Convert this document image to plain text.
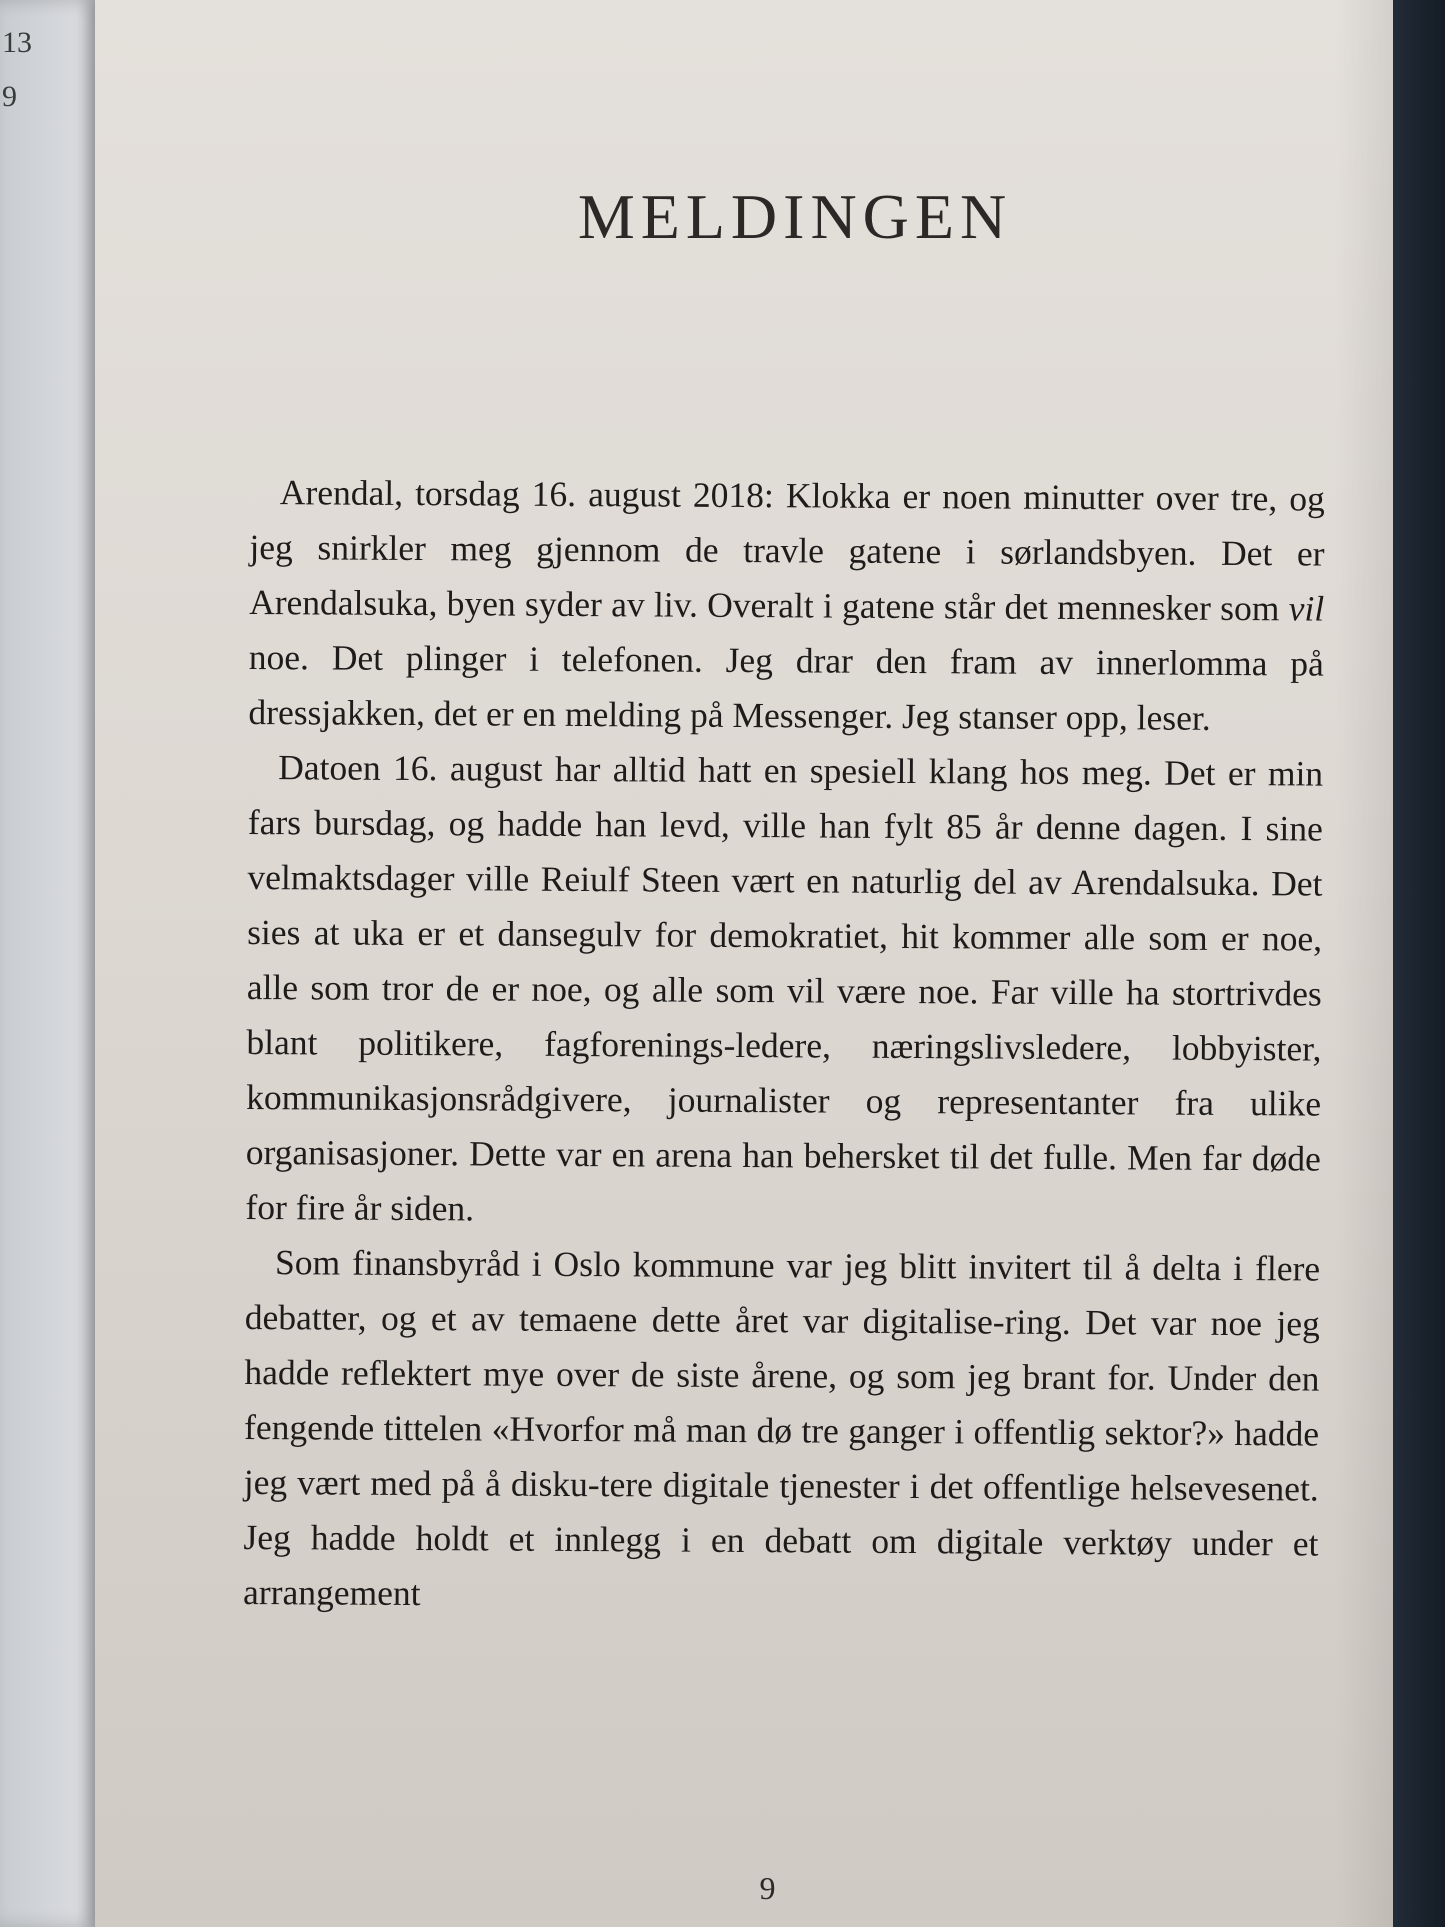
13
9
MELDINGEN

Arendal, torsdag 16. august 2018: Klokka er noen minutter over tre, og jeg snirkler meg gjennom de travle gatene i sørlandsbyen. Det er Arendalsuka, byen syder av liv. Overalt i gatene står det mennesker som vil noe. Det plinger i telefonen. Jeg drar den fram av innerlomma på dressjakken, det er en melding på Messenger. Jeg stanser opp, leser.

Datoen 16. august har alltid hatt en spesiell klang hos meg. Det er min fars bursdag, og hadde han levd, ville han fylt 85 år denne dagen. I sine velmaktsdager ville Reiulf Steen vært en naturlig del av Arendalsuka. Det sies at uka er et dansegulv for demokratiet, hit kommer alle som er noe, alle som tror de er noe, og alle som vil være noe. Far ville ha stortrivdes blant politikere, fagforenings-ledere, næringslivsledere, lobbyister, kommunikasjonsrådgivere, journalister og representanter fra ulike organisasjoner. Dette var en arena han behersket til det fulle. Men far døde for fire år siden.

Som finansbyråd i Oslo kommune var jeg blitt invitert til å delta i flere debatter, og et av temaene dette året var digitalise-ring. Det var noe jeg hadde reflektert mye over de siste årene, og som jeg brant for. Under den fengende tittelen «Hvorfor må man dø tre ganger i offentlig sektor?» hadde jeg vært med på å disku-tere digitale tjenester i det offentlige helsevesenet. Jeg hadde holdt et innlegg i en debatt om digitale verktøy under et arrangement

9
